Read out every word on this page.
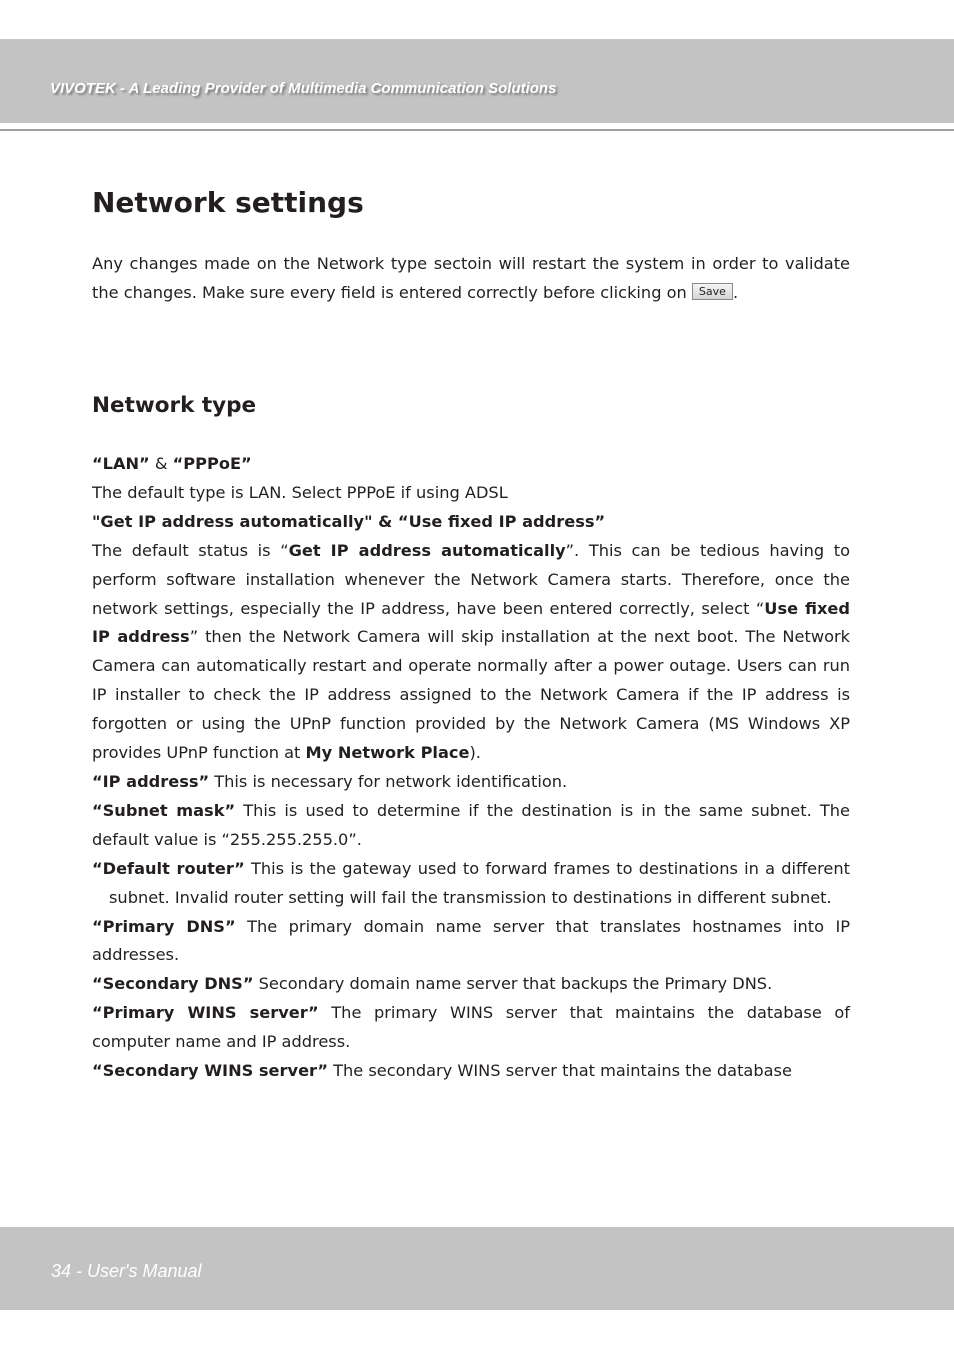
VIVOTEK - A Leading Provider of Multimedia Communication Solutions
Network settings

Any changes made on the Network type sectoin will restart the system in order to validate the changes. Make sure every field is entered correctly before clicking on Save .

Network type

“LAN” & “PPPoE”

The default type is LAN. Select PPPoE if using ADSL

"Get IP address automatically" & “Use fixed IP address”

The default status is “Get IP address automatically”. This can be tedious having to perform software installation whenever the Network Camera starts. Therefore, once the network settings, especially the IP address, have been entered correctly, select “Use fixed IP address” then the Network Camera will skip installation at the next boot. The Network Camera can automatically restart and operate normally after a power outage. Users can run IP installer to check the IP address assigned to the Network Camera if the IP address is forgotten or using the UPnP function provided by the Network Camera (MS Windows XP provides UPnP function at My Network Place).

“IP address” This is necessary for network identification.

“Subnet mask” This is used to determine if the destination is in the same subnet. The default value is “255.255.255.0”.

“Default router” This is the gateway used to forward frames to destinations in a different subnet. Invalid router setting will fail the transmission to destinations in different subnet.

“Primary DNS” The primary domain name server that translates hostnames into IP addresses.

“Secondary DNS” Secondary domain name server that backups the Primary DNS.

“Primary WINS server” The primary WINS server that maintains the database of computer name and IP address.

“Secondary WINS server” The secondary WINS server that maintains the database

34 - User's Manual
